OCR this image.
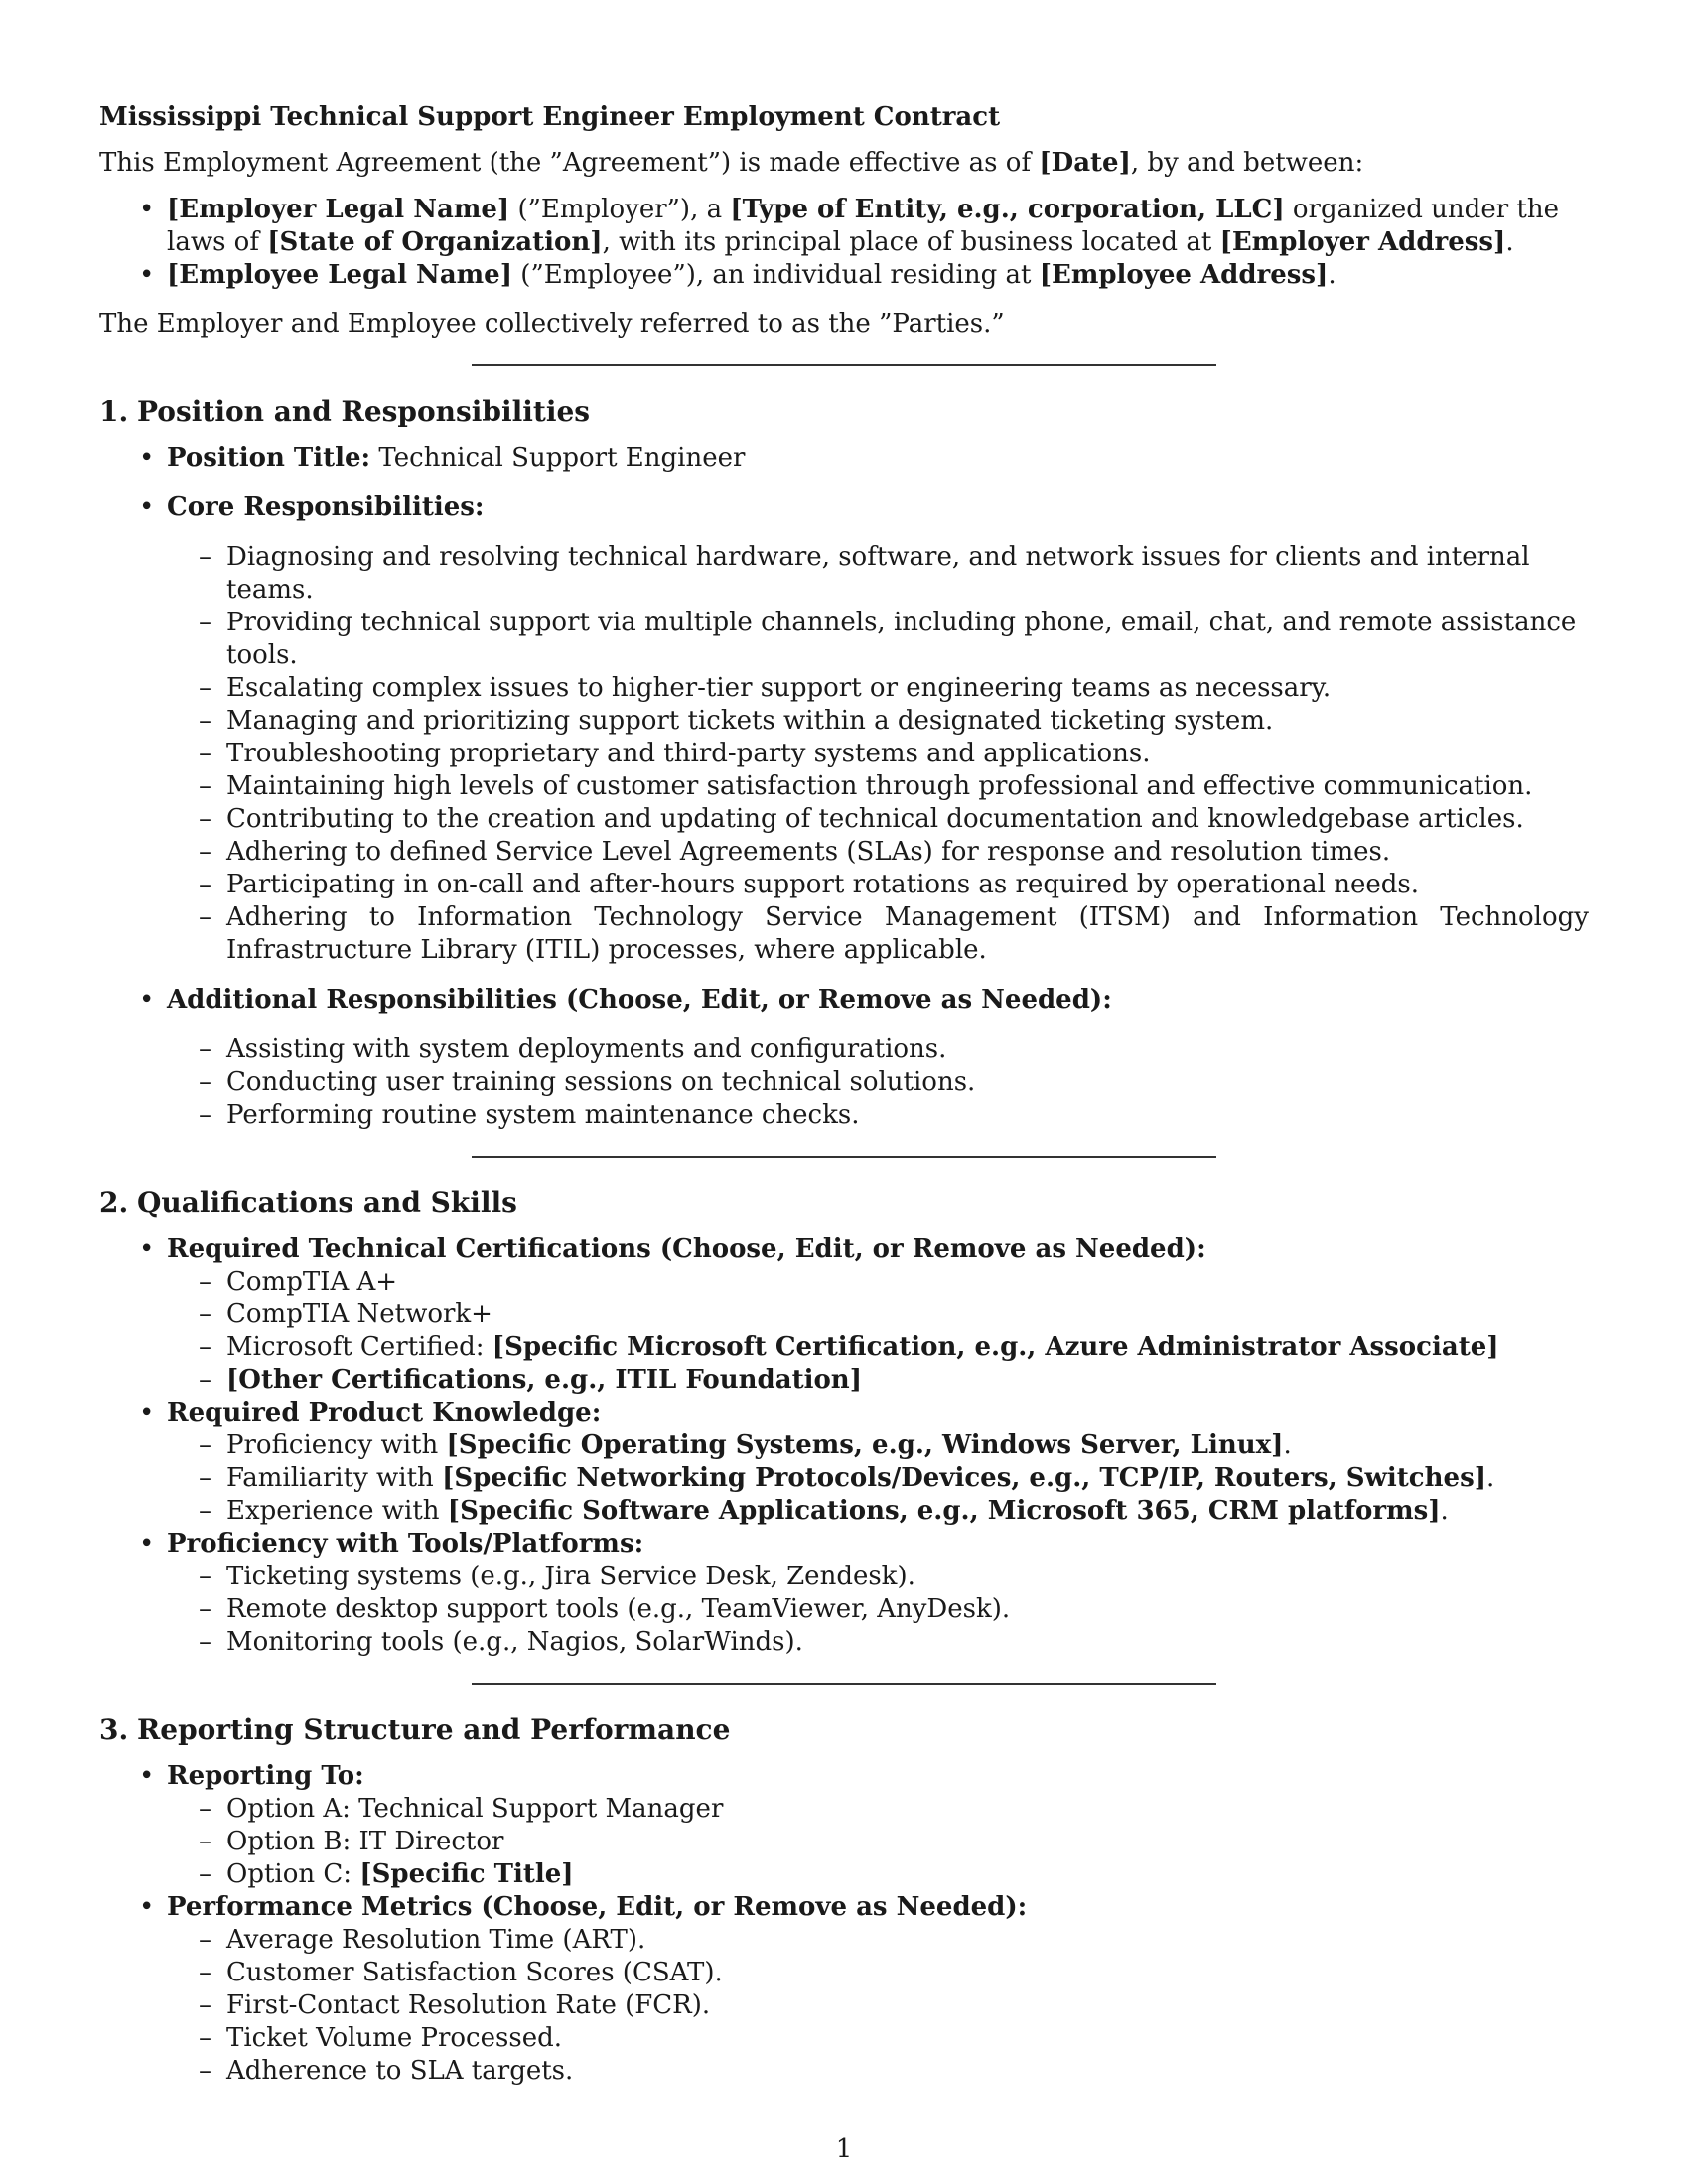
Mississippi Technical Support Engineer Employment Contract

This Employment Agreement (the ”Agreement”) is made effective as of [Date], by and between:

• [Employer Legal Name] (”Employer”), a [Type of Entity, e.g., corporation, LLC] organized under the laws of [State of Organization], with its principal place of business located at [Employer Address].
• [Employee Legal Name] (”Employee”), an individual residing at [Employee Address].

The Employer and Employee collectively referred to as the ”Parties.”

1. Position and Responsibilities
• Position Title: Technical Support Engineer
• Core Responsibilities:
– Diagnosing and resolving technical hardware, software, and network issues for clients and internal teams.
– Providing technical support via multiple channels, including phone, email, chat, and remote assistance tools.
– Escalating complex issues to higher-tier support or engineering teams as necessary.
– Managing and prioritizing support tickets within a designated ticketing system.
– Troubleshooting proprietary and third-party systems and applications.
– Maintaining high levels of customer satisfaction through professional and effective communication.
– Contributing to the creation and updating of technical documentation and knowledgebase articles.
– Adhering to defined Service Level Agreements (SLAs) for response and resolution times.
– Participating in on-call and after-hours support rotations as required by operational needs.
– Adhering to Information Technology Service Management (ITSM) and Information Technology Infrastructure Library (ITIL) processes, where applicable.
• Additional Responsibilities (Choose, Edit, or Remove as Needed):
– Assisting with system deployments and configurations.
– Conducting user training sessions on technical solutions.
– Performing routine system maintenance checks.
2. Qualifications and Skills
• Required Technical Certifications (Choose, Edit, or Remove as Needed):
– CompTIA A+
– CompTIA Network+
– Microsoft Certified: [Specific Microsoft Certification, e.g., Azure Administrator Associate]
– [Other Certifications, e.g., ITIL Foundation]
• Required Product Knowledge:
– Proficiency with [Specific Operating Systems, e.g., Windows Server, Linux].
– Familiarity with [Specific Networking Protocols/Devices, e.g., TCP/IP, Routers, Switches].
– Experience with [Specific Software Applications, e.g., Microsoft 365, CRM platforms].
• Proficiency with Tools/Platforms:
– Ticketing systems (e.g., Jira Service Desk, Zendesk).
– Remote desktop support tools (e.g., TeamViewer, AnyDesk).
– Monitoring tools (e.g., Nagios, SolarWinds).
3. Reporting Structure and Performance
• Reporting To:
– Option A: Technical Support Manager
– Option B: IT Director
– Option C: [Specific Title]
• Performance Metrics (Choose, Edit, or Remove as Needed):
– Average Resolution Time (ART).
– Customer Satisfaction Scores (CSAT).
– First-Contact Resolution Rate (FCR).
– Ticket Volume Processed.
– Adherence to SLA targets.
1
